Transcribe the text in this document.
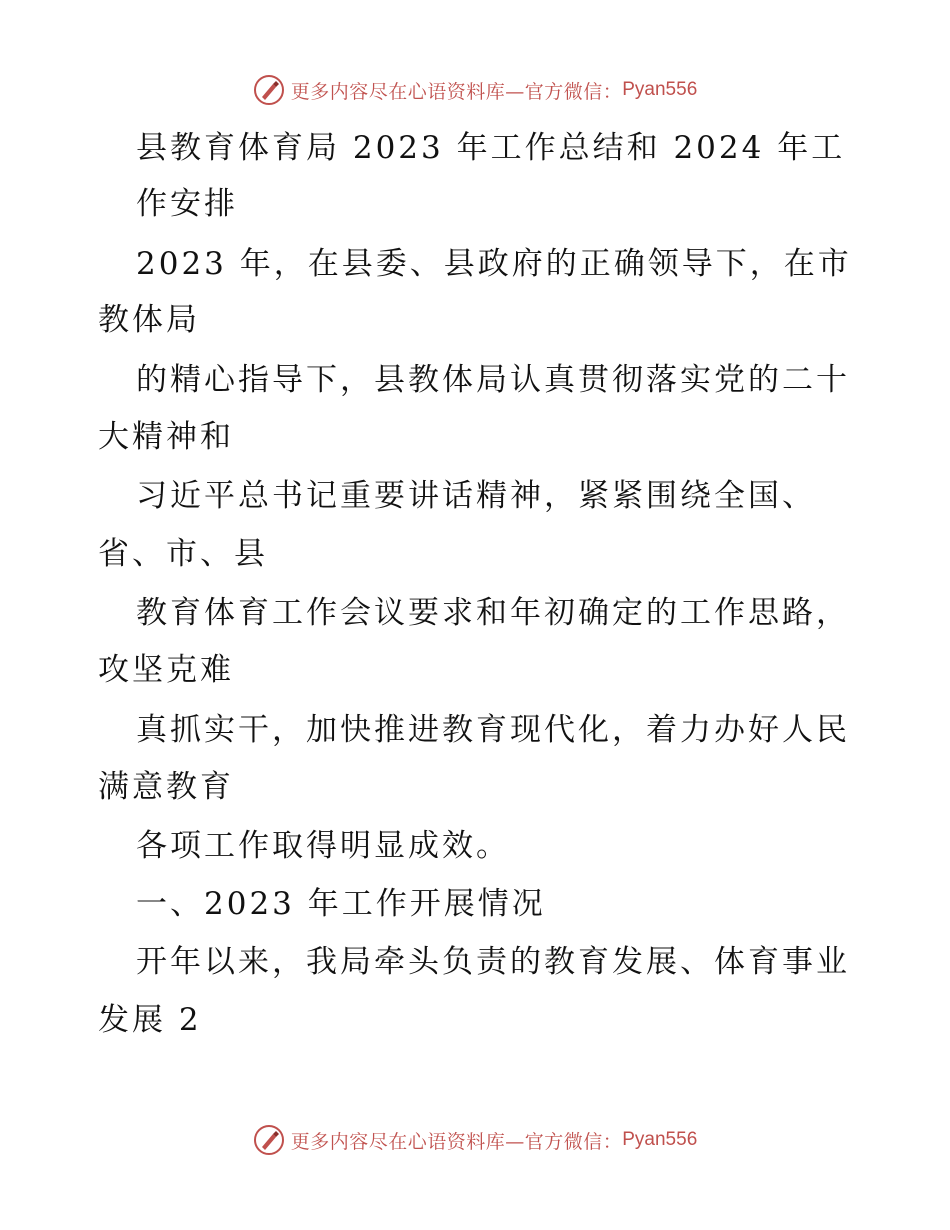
更多内容尽在心语资料库—官方微信： Pyan556
县教育体育局 2023 年工作总结和 2024 年工
作安排
2023 年，在县委、县政府的正确领导下，在市
教体局
的精心指导下，县教体局认真贯彻落实党的二十
大精神和
习近平总书记重要讲话精神，紧紧围绕全国、
省、市、县
教育体育工作会议要求和年初确定的工作思路，
攻坚克难
真抓实干，加快推进教育现代化，着力办好人民
满意教育
各项工作取得明显成效。
一、2023 年工作开展情况
开年以来，我局牵头负责的教育发展、体育事业
发展 2
更多内容尽在心语资料库—官方微信： Pyan556
